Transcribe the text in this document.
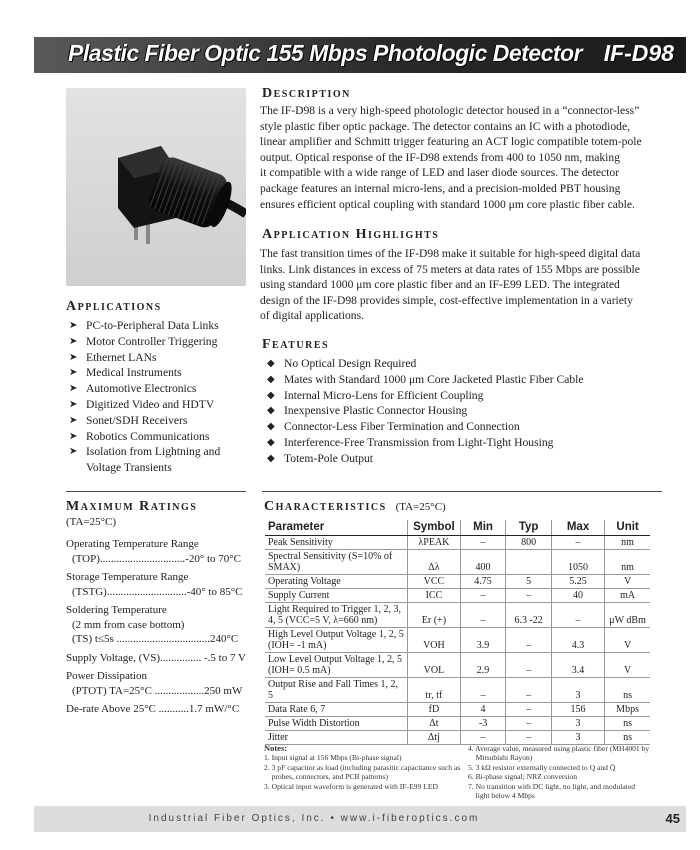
Plastic Fiber Optic 155 Mbps Photologic Detector IF-D98
Description
The IF-D98 is a very high-speed photologic detector housed in a “connector-less”
style plastic fiber optic package. The detector contains an IC with a photodiode,
linear amplifier and Schmitt trigger featuring an ACT logic compatible totem-pole
output. Optical response of the IF-D98 extends from 400 to 1050 nm, making
it compatible with a wide range of LED and laser diode sources. The detector
package features an internal micro-lens, and a precision-molded PBT housing
ensures efficient optical coupling with standard 1000 μm core plastic fiber cable.
Application Highlights
The fast transition times of the IF-D98 make it suitable for high-speed digital data
links. Link distances in excess of 75 meters at data rates of 155 Mbps are possible
using standard 1000 μm core plastic fiber and an IF-E99 LED. The integrated
design of the IF-D98 provides simple, cost-effective implementation in a variety
of digital applications.
Applications
➤ PC-to-Peripheral Data Links
➤ Motor Controller Triggering
➤ Ethernet LANs
➤ Medical Instruments
➤ Automotive Electronics
➤ Digitized Video and HDTV
➤ Sonet/SDH Receivers
➤ Robotics Communications
➤ Isolation from Lightning and
Voltage Transients
Features
◆ No Optical Design Required
◆ Mates with Standard 1000 μm Core Jacketed Plastic Fiber Cable
◆ Internal Micro-Lens for Efficient Coupling
◆ Inexpensive Plastic Connector Housing
◆ Connector-Less Fiber Termination and Connection
◆ Interference-Free Transmission from Light-Tight Housing
◆ Totem-Pole Output
Maximum Ratings
(TA=25°C)
Operating Temperature Range
(TOP)...............................-20° to 70°C
Storage Temperature Range
(TSTG).............................-40° to 85°C
Soldering Temperature
(2 mm from case bottom)
(TS) t≤5s ..................................240°C
Supply Voltage, (VS)............... -.5 to 7 V
Power Dissipation
(PTOT) TA=25°C ..................250 mW
De-rate Above 25°C ...........1.7 mW/°C
Characteristics (TA=25°C)
Parameter	Symbol	Min	Typ	Max	Unit
Peak Sensitivity	λPEAK	–	800	–	nm
Spectral Sensitivity (S=10% of SMAX)	Δλ	400		1050	nm
Operating Voltage	VCC	4.75	5	5.25	V
Supply Current	ICC	–	–	40	mA
Light Required to Trigger 1, 2, 3, 4, 5 (VCC=5 V, λ=660 nm)	Er (+)	–	6.3 -22	–	μW dBm
High Level Output Voltage 1, 2, 5 (IOH= -1 mA)	VOH	3.9	–	4.3	V
Low Level Output Voltage 1, 2, 5 (IOH= 0.5 mA)	VOL	2.9	–	3.4	V
Output Rise and Fall Times 1, 2, 5	tr, tf	–	–	3	ns
Data Rate 6, 7	fD	4	–	156	Mbps
Pulse Width Distortion	Δt	-3	–	3	ns
Jitter	Δtj	–	–	3	ns
Notes:
1. Input signal at 156 Mbps (Bi-phase signal)
2. 3 pF capacitor as load (including parasitic capacitance such as
probes, connectors, and PCB patterns)
3. Optical input waveform is generated with IF-E99 LED
4. Average value, measured using plastic fiber (MH4001 by
Mitsubishi Rayon)
5. 3 kΩ resistor externally connected to Q and Q̄
6. Bi-phase signal; NRZ conversion
7. No transition with DC light, no light, and modulated
light below 4 Mbps
Industrial Fiber Optics, Inc. • www.i-fiberoptics.com	45
